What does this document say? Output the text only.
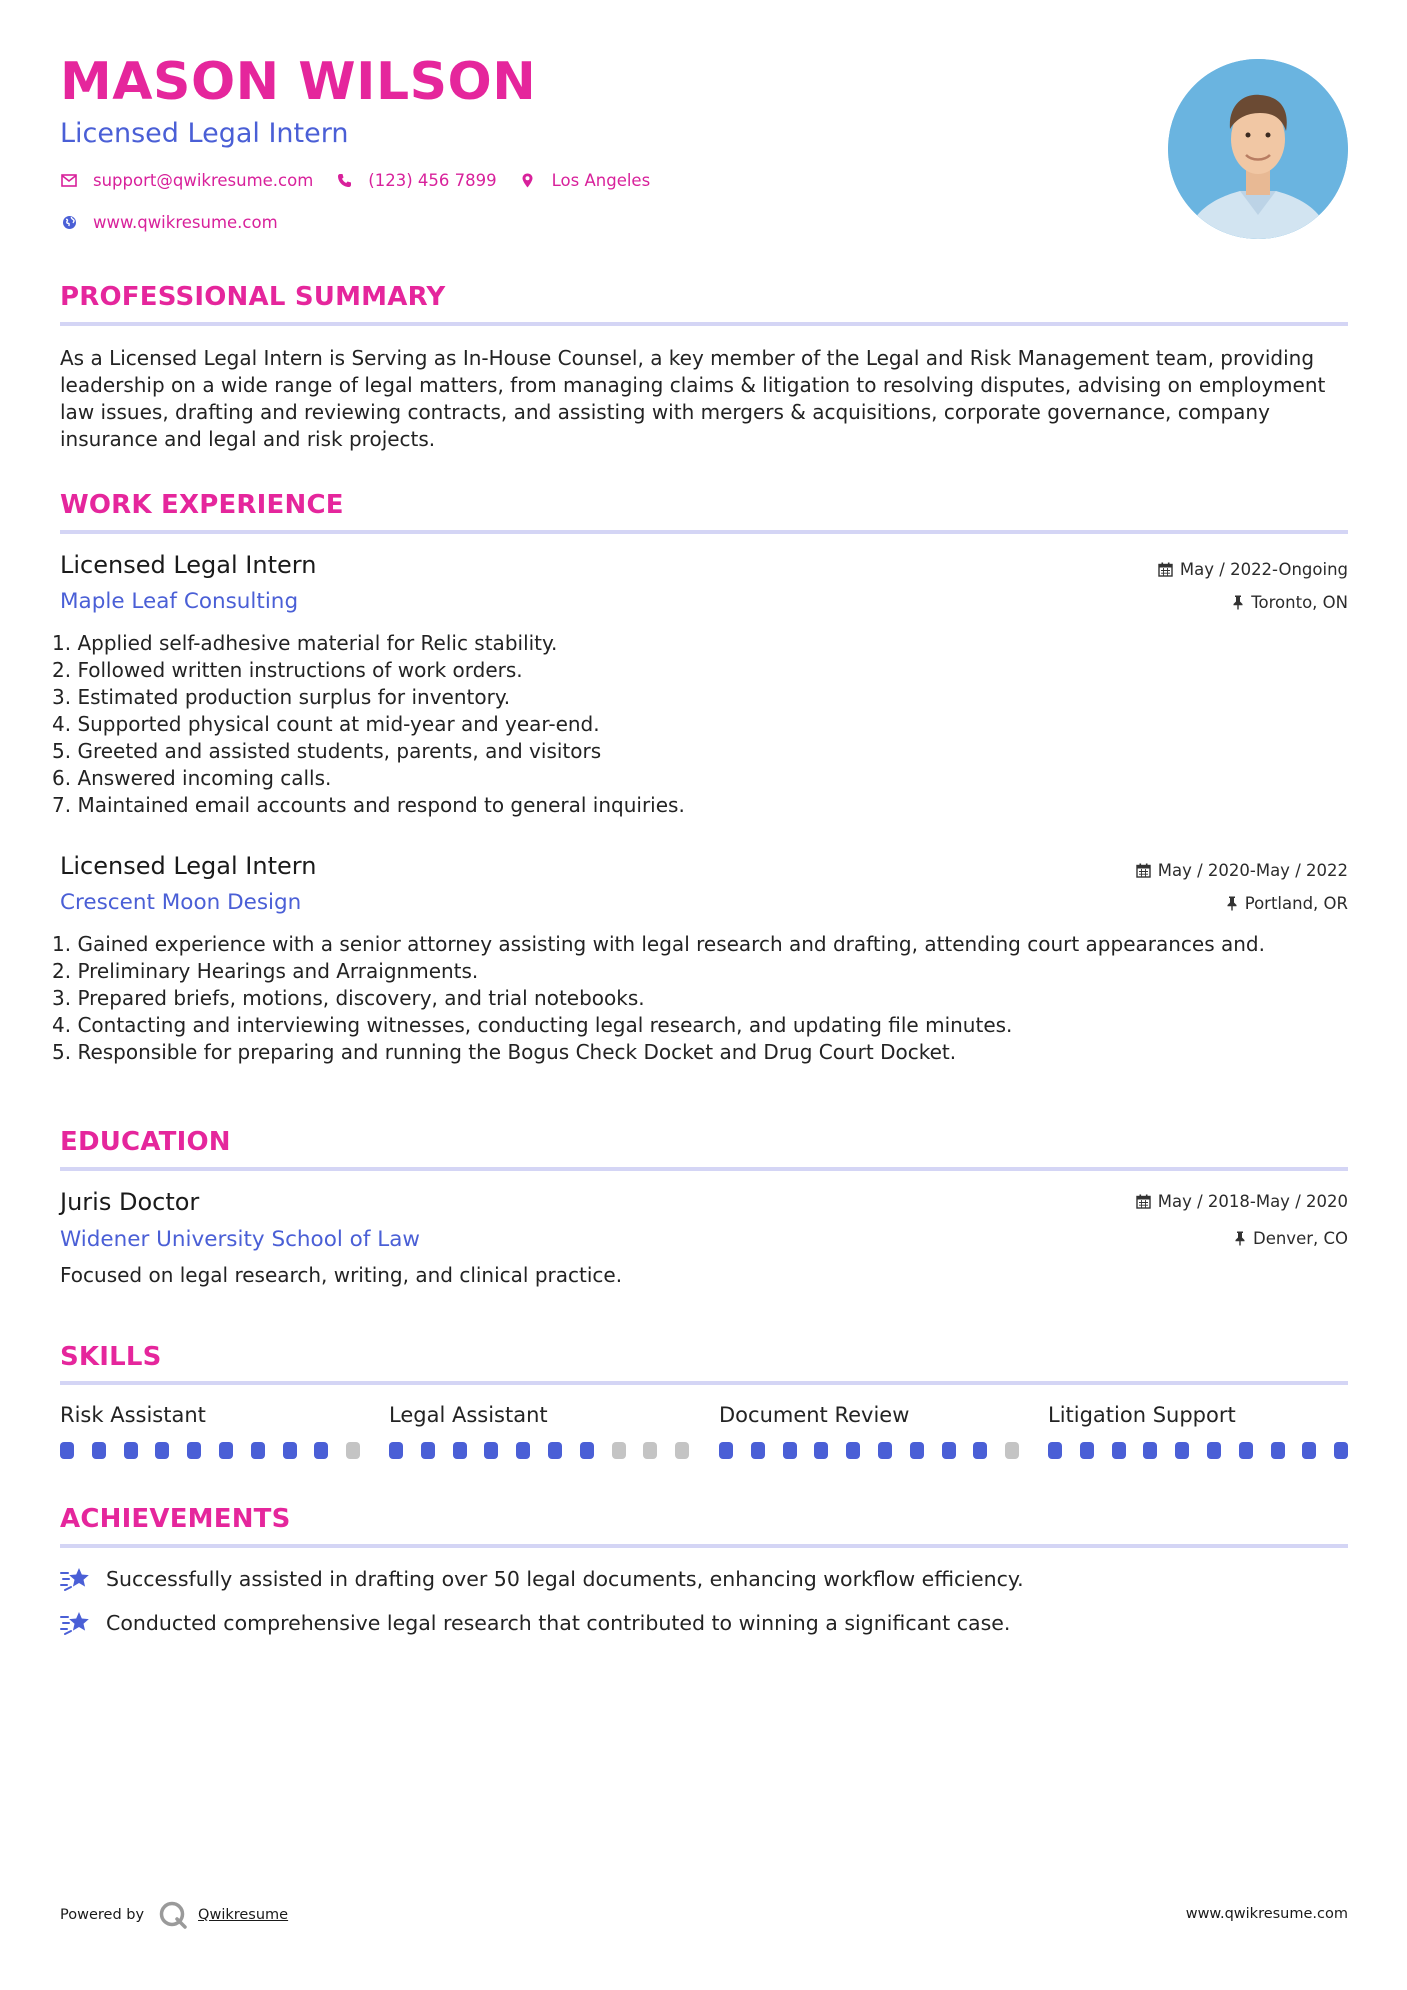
MASON WILSON
Licensed Legal Intern
support@qwikresume.com	(123) 456 7899	Los Angeles
www.qwikresume.com
PROFESSIONAL SUMMARY

As a Licensed Legal Intern is Serving as In-House Counsel, a key member of the Legal and Risk Management team, providing leadership on a wide range of legal matters, from managing claims & litigation to resolving disputes, advising on employment law issues, drafting and reviewing contracts, and assisting with mergers & acquisitions, corporate governance, company insurance and legal and risk projects.

WORK EXPERIENCE
Licensed Legal Intern
Maple Leaf Consulting
May / 2022-Ongoing
Toronto, ON
1. Applied self-adhesive material for Relic stability.
2. Followed written instructions of work orders.
3. Estimated production surplus for inventory.
4. Supported physical count at mid-year and year-end.
5. Greeted and assisted students, parents, and visitors
6. Answered incoming calls.
7. Maintained email accounts and respond to general inquiries.
Licensed Legal Intern
Crescent Moon Design
May / 2020-May / 2022
Portland, OR
1. Gained experience with a senior attorney assisting with legal research and drafting, attending court appearances and.
2. Preliminary Hearings and Arraignments.
3. Prepared briefs, motions, discovery, and trial notebooks.
4. Contacting and interviewing witnesses, conducting legal research, and updating file minutes.
5. Responsible for preparing and running the Bogus Check Docket and Drug Court Docket.
EDUCATION
Juris Doctor
Widener University School of Law
May / 2018-May / 2020
Denver, CO

Focused on legal research, writing, and clinical practice.

SKILLS
Risk Assistant	Legal Assistant	Document Review	Litigation Support
ACHIEVEMENTS
Successfully assisted in drafting over 50 legal documents, enhancing workflow efficiency.
Conducted comprehensive legal research that contributed to winning a significant case.
Powered by	Qwikresume	www.qwikresume.com
